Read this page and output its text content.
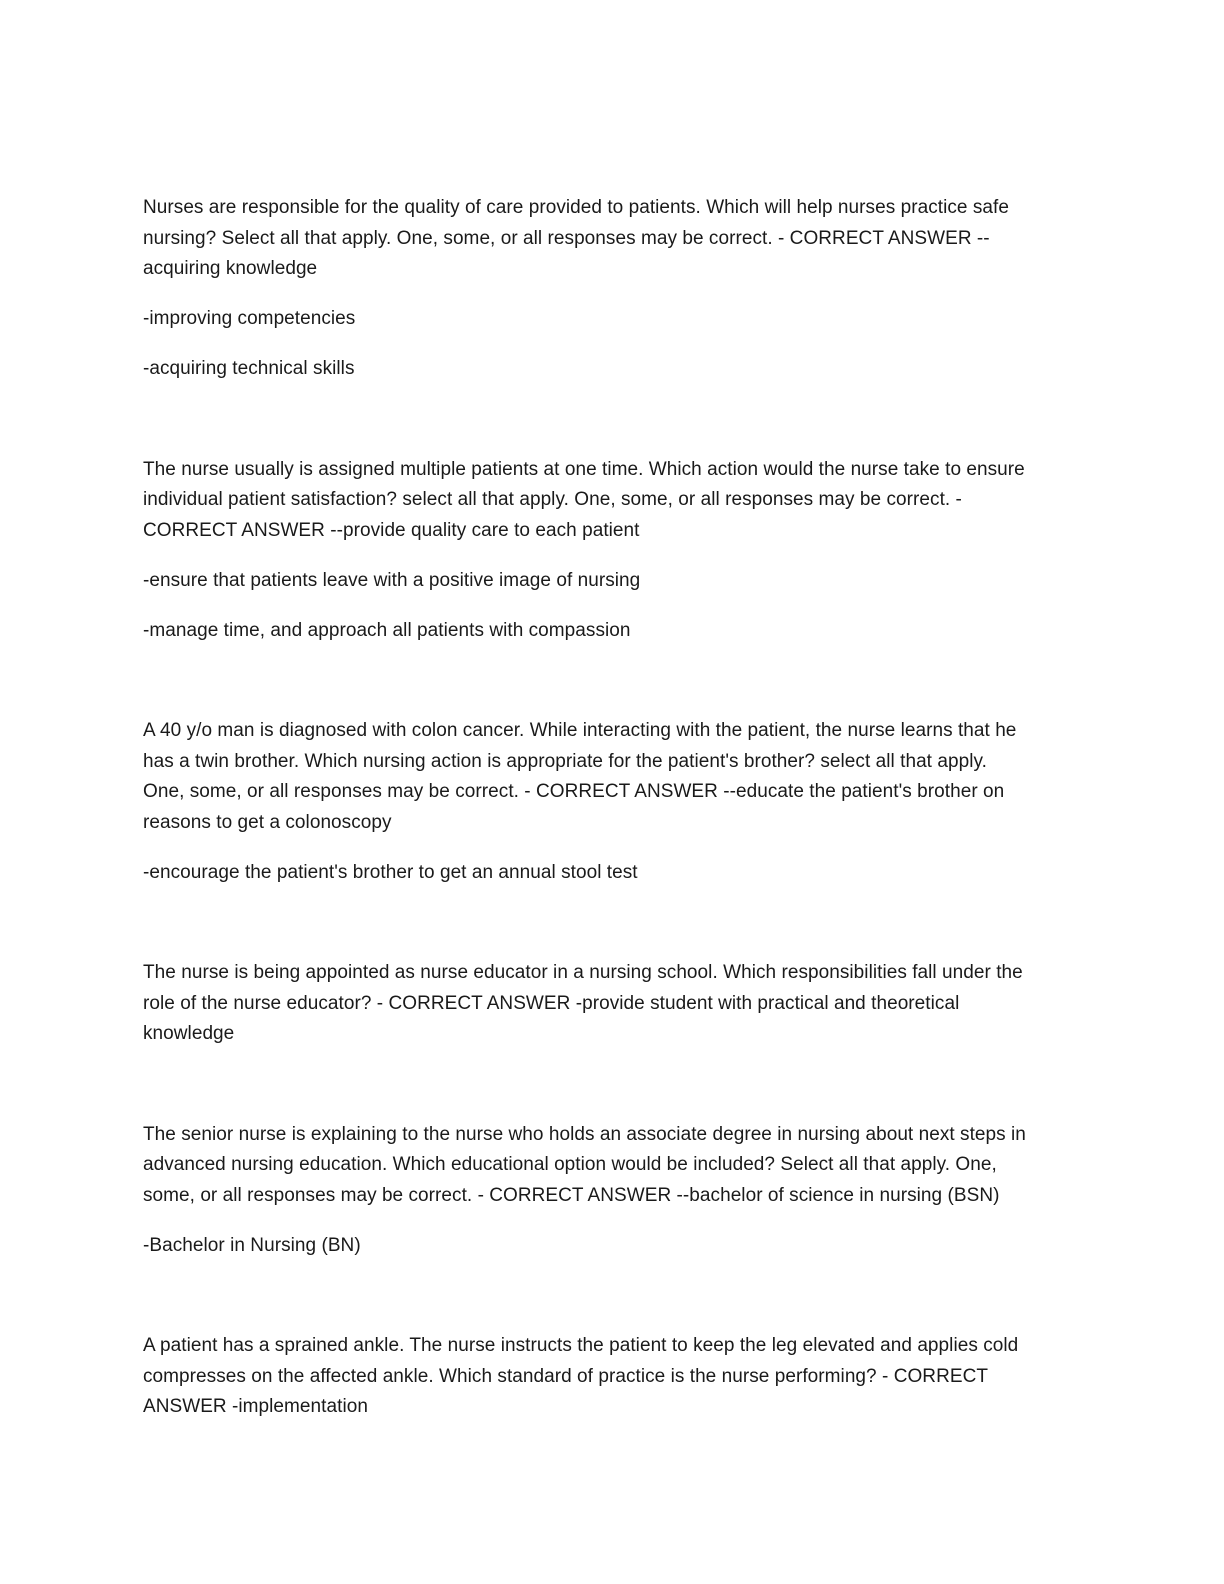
Nurses are responsible for the quality of care provided to patients. Which will help nurses practice safe
nursing? Select all that apply. One, some, or all responses may be correct. - CORRECT ANSWER --
acquiring knowledge

-improving competencies

-acquiring technical skills

The nurse usually is assigned multiple patients at one time. Which action would the nurse take to ensure
individual patient satisfaction? select all that apply. One, some, or all responses may be correct. -
CORRECT ANSWER --provide quality care to each patient

-ensure that patients leave with a positive image of nursing

-manage time, and approach all patients with compassion

A 40 y/o man is diagnosed with colon cancer. While interacting with the patient, the nurse learns that he
has a twin brother. Which nursing action is appropriate for the patient's brother? select all that apply.
One, some, or all responses may be correct. - CORRECT ANSWER --educate the patient's brother on
reasons to get a colonoscopy

-encourage the patient's brother to get an annual stool test

The nurse is being appointed as nurse educator in a nursing school. Which responsibilities fall under the
role of the nurse educator? - CORRECT ANSWER -provide student with practical and theoretical
knowledge

The senior nurse is explaining to the nurse who holds an associate degree in nursing about next steps in
advanced nursing education. Which educational option would be included? Select all that apply. One,
some, or all responses may be correct. - CORRECT ANSWER --bachelor of science in nursing (BSN)

-Bachelor in Nursing (BN)

A patient has a sprained ankle. The nurse instructs the patient to keep the leg elevated and applies cold
compresses on the affected ankle. Which standard of practice is the nurse performing? - CORRECT
ANSWER -implementation
